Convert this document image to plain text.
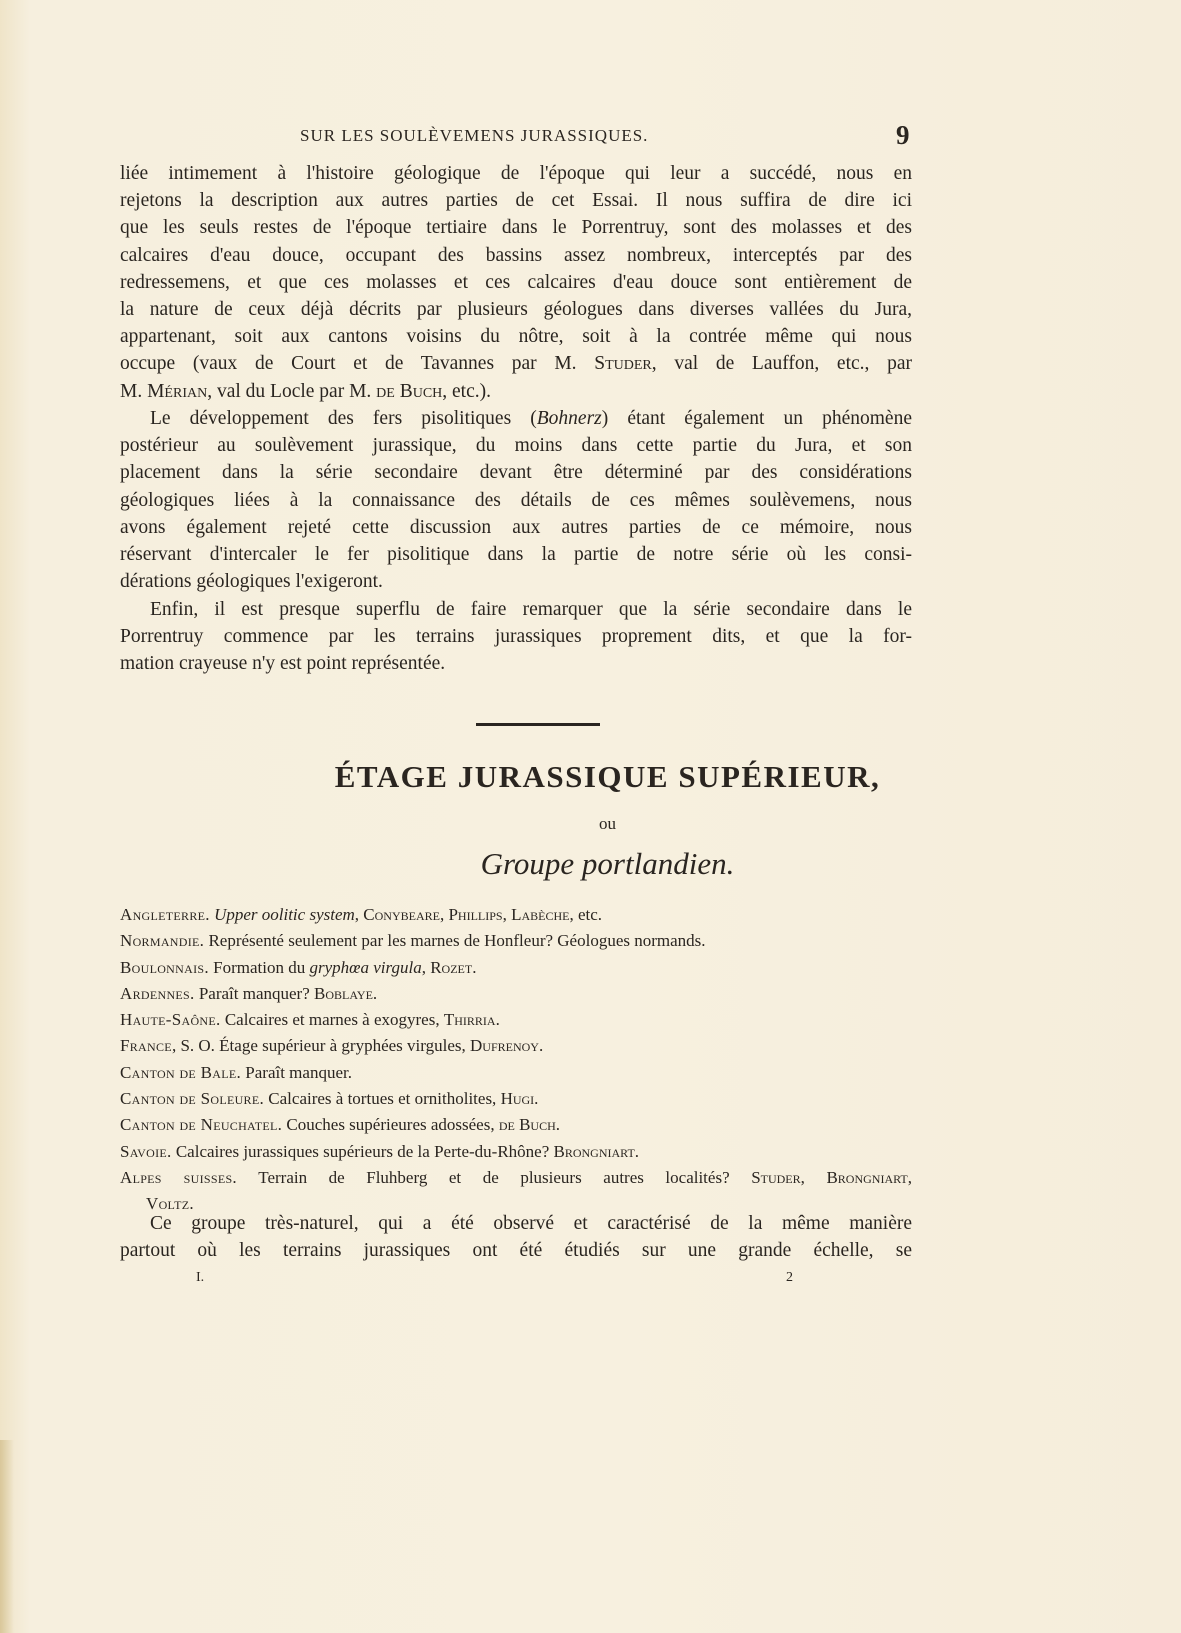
SUR LES SOULÈVEMENS JURASSIQUES.	9
liée intimement à l'histoire géologique de l'époque qui leur a succédé, nous en
rejetons la description aux autres parties de cet Essai. Il nous suffira de dire ici
que les seuls restes de l'époque tertiaire dans le Porrentruy, sont des molasses et des
calcaires d'eau douce, occupant des bassins assez nombreux, interceptés par des
redressemens, et que ces molasses et ces calcaires d'eau douce sont entièrement de
la nature de ceux déjà décrits par plusieurs géologues dans diverses vallées du Jura,
appartenant, soit aux cantons voisins du nôtre, soit à la contrée même qui nous
occupe (vaux de Court et de Tavannes par M. Studer, val de Lauffon, etc., par
M. Mérian, val du Locle par M. de Buch, etc.).
Le développement des fers pisolitiques (Bohnerz) étant également un phénomène
postérieur au soulèvement jurassique, du moins dans cette partie du Jura, et son
placement dans la série secondaire devant être déterminé par des considérations
géologiques liées à la connaissance des détails de ces mêmes soulèvemens, nous
avons également rejeté cette discussion aux autres parties de ce mémoire, nous
réservant d'intercaler le fer pisolitique dans la partie de notre série où les consi-
dérations géologiques l'exigeront.
Enfin, il est presque superflu de faire remarquer que la série secondaire dans le
Porrentruy commence par les terrains jurassiques proprement dits, et que la for-
mation crayeuse n'y est point représentée.
ÉTAGE JURASSIQUE SUPÉRIEUR,
ou
Groupe portlandien.
Angleterre. Upper oolitic system, Conybeare, Phillips, Labèche, etc.
Normandie. Représenté seulement par les marnes de Honfleur? Géologues normands.
Boulonnais. Formation du gryphœa virgula, Rozet.
Ardennes. Paraît manquer? Boblaye.
Haute-Saône. Calcaires et marnes à exogyres, Thirria.
France, S. O. Étage supérieur à gryphées virgules, Dufrenoy.
Canton de Bale. Paraît manquer.
Canton de Soleure. Calcaires à tortues et ornitholites, Hugi.
Canton de Neuchatel. Couches supérieures adossées, de Buch.
Savoie. Calcaires jurassiques supérieurs de la Perte-du-Rhône? Brongniart.
Alpes suisses. Terrain de Fluhberg et de plusieurs autres localités? Studer, Brongniart,
Voltz.
Ce groupe très-naturel, qui a été observé et caractérisé de la même manière
partout où les terrains jurassiques ont été étudiés sur une grande échelle, se
I.	2
